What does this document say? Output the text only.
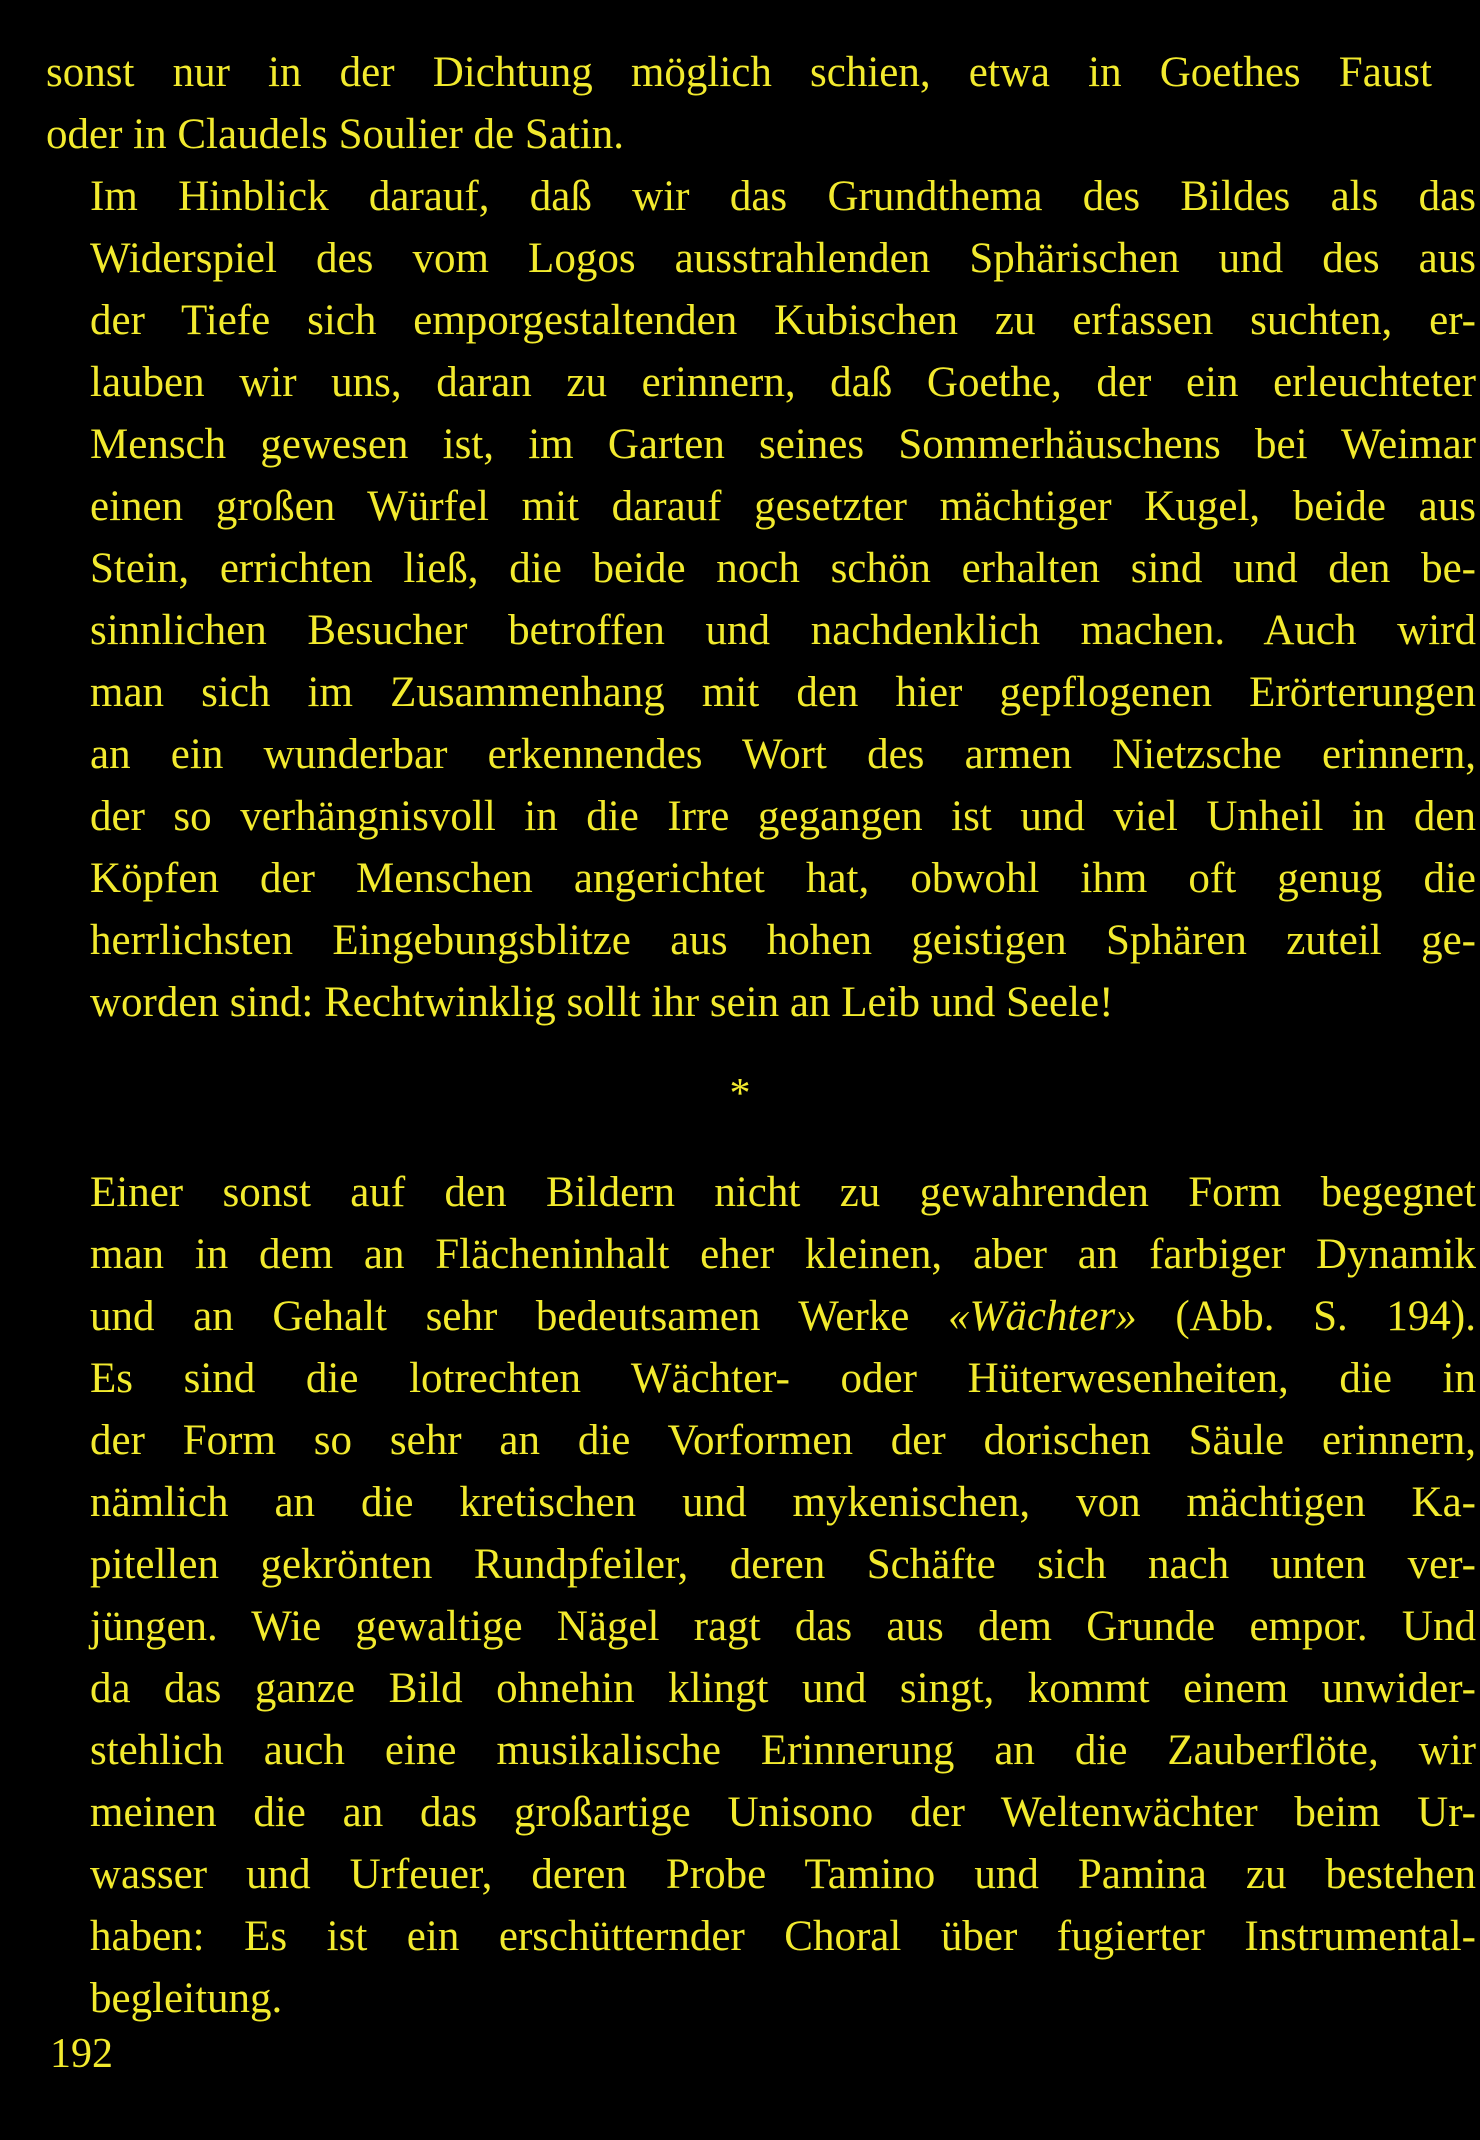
sonst nur in der Dichtung möglich schien, etwa in Goethes Faust
oder in Claudels Soulier de Satin.

Im Hinblick darauf, daß wir das Grundthema des Bildes als das
Widerspiel des vom Logos ausstrahlenden Sphärischen und des aus
der Tiefe sich emporgestaltenden Kubischen zu erfassen suchten, er-
lauben wir uns, daran zu erinnern, daß Goethe, der ein erleuchteter
Mensch gewesen ist, im Garten seines Sommerhäuschens bei Weimar
einen großen Würfel mit darauf gesetzter mächtiger Kugel, beide aus
Stein, errichten ließ, die beide noch schön erhalten sind und den be-
sinnlichen Besucher betroffen und nachdenklich machen. Auch wird
man sich im Zusammenhang mit den hier gepflogenen Erörterungen
an ein wunderbar erkennendes Wort des armen Nietzsche erinnern,
der so verhängnisvoll in die Irre gegangen ist und viel Unheil in den
Köpfen der Menschen angerichtet hat, obwohl ihm oft genug die
herrlichsten Eingebungsblitze aus hohen geistigen Sphären zuteil ge-
worden sind: Rechtwinklig sollt ihr sein an Leib und Seele!

*

Einer sonst auf den Bildern nicht zu gewahrenden Form begegnet
man in dem an Flächeninhalt eher kleinen, aber an farbiger Dynamik
und an Gehalt sehr bedeutsamen Werke «Wächter» (Abb. S. 194).
Es sind die lotrechten Wächter- oder Hüterwesenheiten, die in
der Form so sehr an die Vorformen der dorischen Säule erinnern,
nämlich an die kretischen und mykenischen, von mächtigen Ka-
pitellen gekrönten Rundpfeiler, deren Schäfte sich nach unten ver-
jüngen. Wie gewaltige Nägel ragt das aus dem Grunde empor. Und
da das ganze Bild ohnehin klingt und singt, kommt einem unwider-
stehlich auch eine musikalische Erinnerung an die Zauberflöte, wir
meinen die an das großartige Unisono der Weltenwächter beim Ur-
wasser und Urfeuer, deren Probe Tamino und Pamina zu bestehen
haben: Es ist ein erschütternder Choral über fugierter Instrumental-
begleitung.

192
